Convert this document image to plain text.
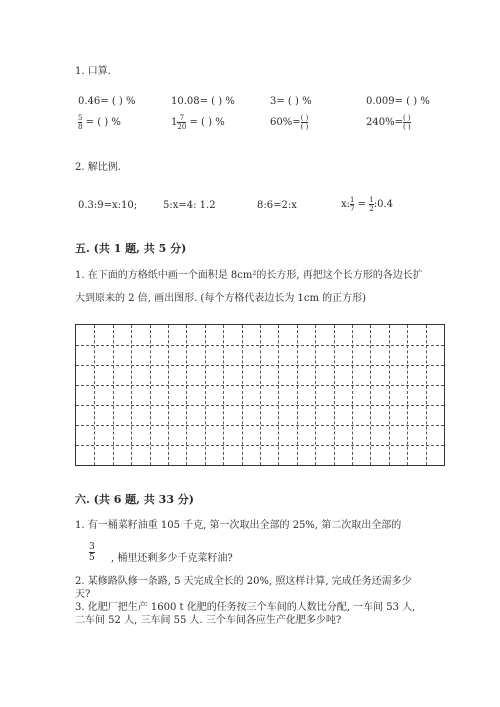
1. 口算.
0.46= ( ) %	10.08= ( ) %	3= ( ) %	0.009= ( ) %
$\frac{5}{8}$ = ( ) %	$1 \frac{7}{20}$ = ( ) %	$60\%= \frac{( )}{( )}$	$240\%= \frac{( )}{( )}$
2. 解比例.
0.3:9=x:10;	5:x=4: 1.2	8:6=2:x	x: $\frac{1}{7} = \frac{1}{2}$ :0.4
五. (共 1 题, 共 5 分)
1. 在下面的方格纸中画一个面积是 8cm²的长方形, 再把这个长方形的各边长扩
大到原来的 2 倍, 画出图形. (每个方格代表边长为 1cm 的正方形)
六. (共 6 题, 共 33 分)
1. 有一桶菜籽油重 105 千克, 第一次取出全部的 25%, 第二次取出全部的
$\frac{3}{5}$ , 桶里还剩多少千克菜籽油?
2. 某修路队修一条路, 5 天完成全长的 20%, 照这样计算, 完成任务还需多少
天?
3. 化肥厂把生产 1600 t 化肥的任务按三个车间的人数比分配, 一车间 53 人,
二车间 52 人, 三车间 55 人. 三个车间各应生产化肥多少吨?
